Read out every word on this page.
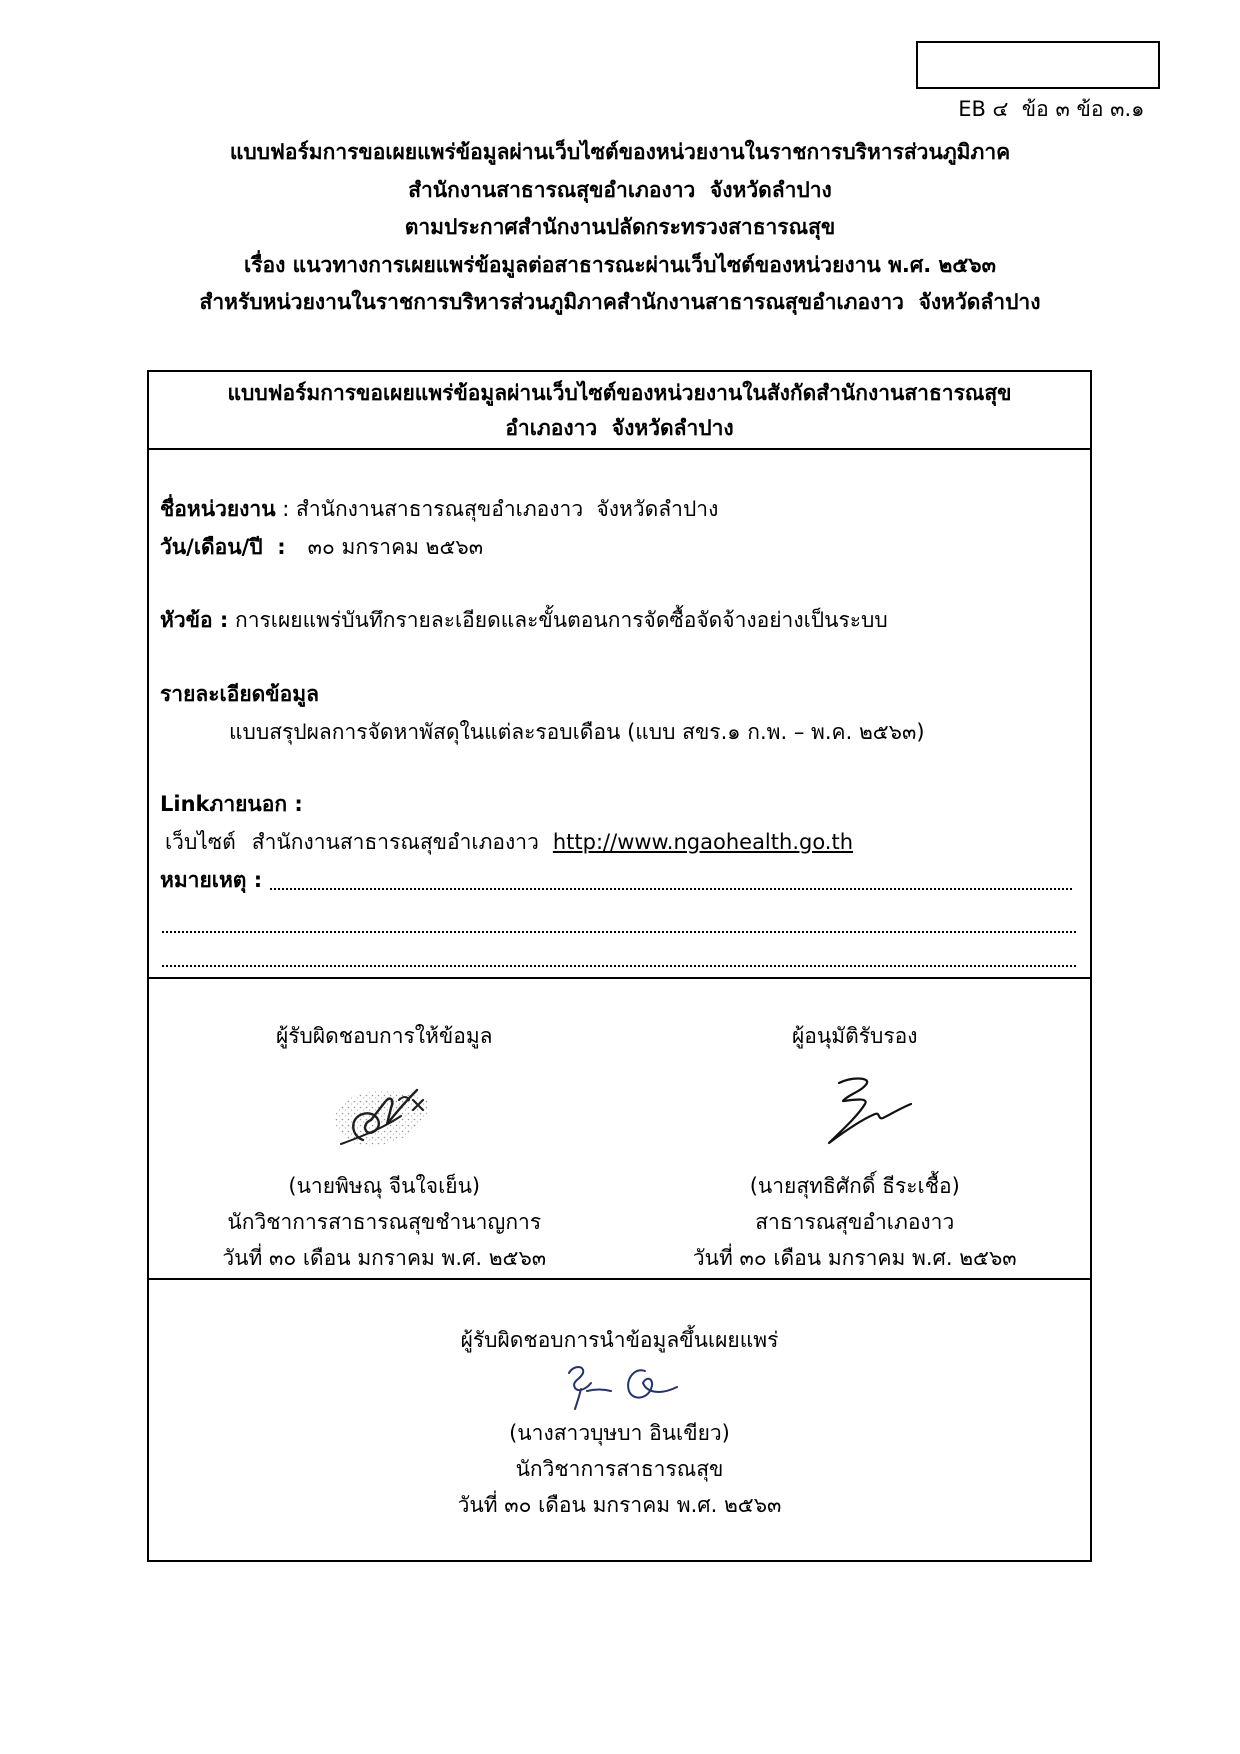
EB ๔  ข้อ ๓ ข้อ ๓.๑

แบบฟอร์มการขอเผยแพร่ข้อมูลผ่านเว็บไซต์ของหน่วยงานในราชการบริหารส่วนภูมิภาค
สำนักงานสาธารณสุขอำเภองาว  จังหวัดลำปาง
ตามประกาศสำนักงานปลัดกระทรวงสาธารณสุข
เรื่อง แนวทางการเผยแพร่ข้อมูลต่อสาธารณะผ่านเว็บไซต์ของหน่วยงาน พ.ศ. ๒๕๖๓
สำหรับหน่วยงานในราชการบริหารส่วนภูมิภาคสำนักงานสาธารณสุขอำเภองาว  จังหวัดลำปาง
แบบฟอร์มการขอเผยแพร่ข้อมูลผ่านเว็บไซต์ของหน่วยงานในสังกัดสำนักงานสาธารณสุข
อำเภองาว  จังหวัดลำปาง
ชื่อหน่วยงาน : สำนักงานสาธารณสุขอำเภองาว  จังหวัดลำปาง
วัน/เดือน/ปี  : ๓๐ มกราคม ๒๕๖๓
หัวข้อ : การเผยแพร่บันทึกรายละเอียดและขั้นตอนการจัดซื้อจัดจ้างอย่างเป็นระบบ
รายละเอียดข้อมูล
แบบสรุปผลการจัดหาพัสดุในแต่ละรอบเดือน (แบบ สขร.๑ ก.พ. – พ.ค. ๒๕๖๓)
Linkภายนอก :
เว็บไซต์ สำนักงานสาธารณสุขอำเภองาว http://www.ngaohealth.go.th
หมายเหตุ :
ผู้รับผิดชอบการให้ข้อมูล
(นายพิษณุ จีนใจเย็น)
นักวิชาการสาธารณสุขชำนาญการ
วันที่ ๓๐ เดือน มกราคม พ.ศ. ๒๕๖๓
ผู้อนุมัติรับรอง
(นายสุทธิศักดิ์ ธีระเชื้อ)
สาธารณสุขอำเภองาว
วันที่ ๓๐ เดือน มกราคม พ.ศ. ๒๕๖๓
ผู้รับผิดชอบการนำข้อมูลขึ้นเผยแพร่
(นางสาวบุษบา อินเขียว)
นักวิชาการสาธารณสุข
วันที่ ๓๐ เดือน มกราคม พ.ศ. ๒๕๖๓
